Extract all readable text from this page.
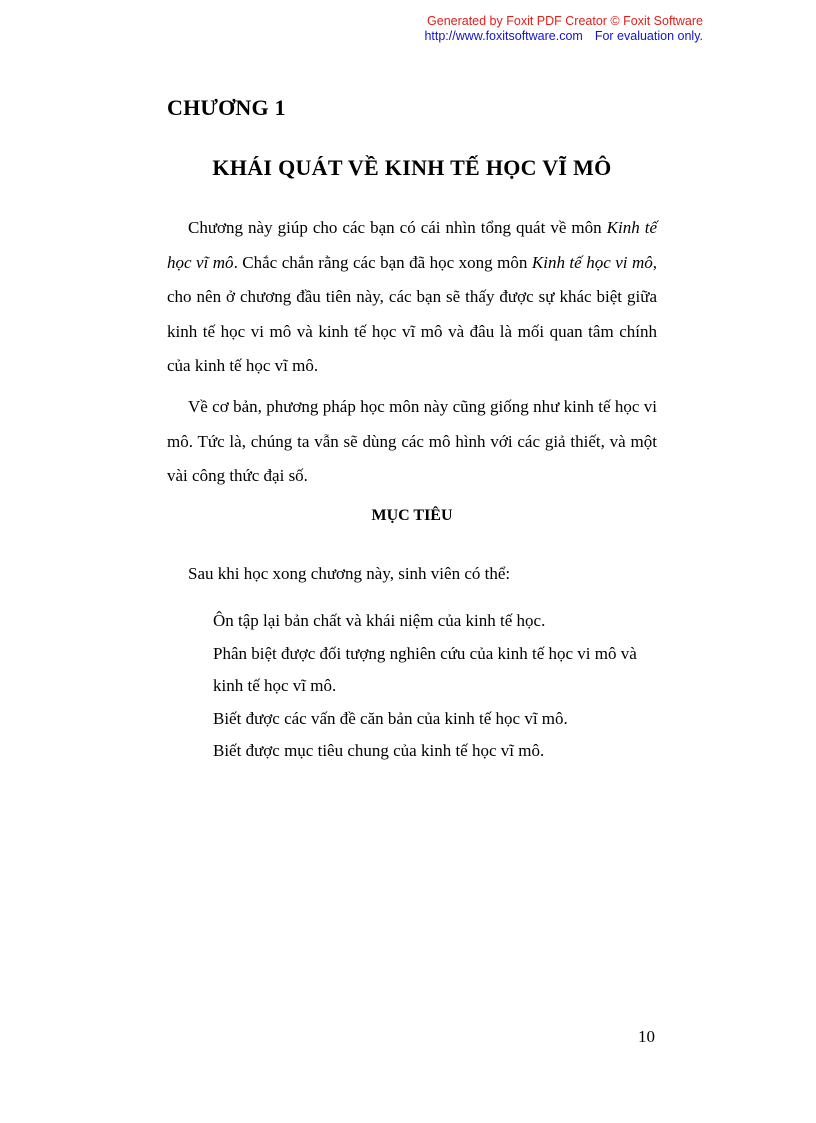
Generated by Foxit PDF Creator © Foxit Software
http://www.foxitsoftware.com For evaluation only.
CHƯƠNG 1
KHÁI QUÁT VỀ KINH TẾ HỌC VĨ MÔ

Chương này giúp cho các bạn có cái nhìn tổng quát về môn Kinh tế học vĩ mô. Chắc chắn rằng các bạn đã học xong môn Kinh tế học vi mô, cho nên ở chương đầu tiên này, các bạn sẽ thấy được sự khác biệt giữa kinh tế học vi mô và kinh tế học vĩ mô và đâu là mối quan tâm chính của kinh tế học vĩ mô.

Về cơ bản, phương pháp học môn này cũng giống như kinh tế học vi mô. Tức là, chúng ta vẫn sẽ dùng các mô hình với các giả thiết, và một vài công thức đại số.

MỤC TIÊU
Sau khi học xong chương này, sinh viên có thể:
Ôn tập lại bản chất và khái niệm của kinh tế học.
Phân biệt được đối tượng nghiên cứu của kinh tế học vi mô và kinh tế học vĩ mô.
Biết được các vấn đề căn bản của kinh tế học vĩ mô.
Biết được mục tiêu chung của kinh tế học vĩ mô.
10
